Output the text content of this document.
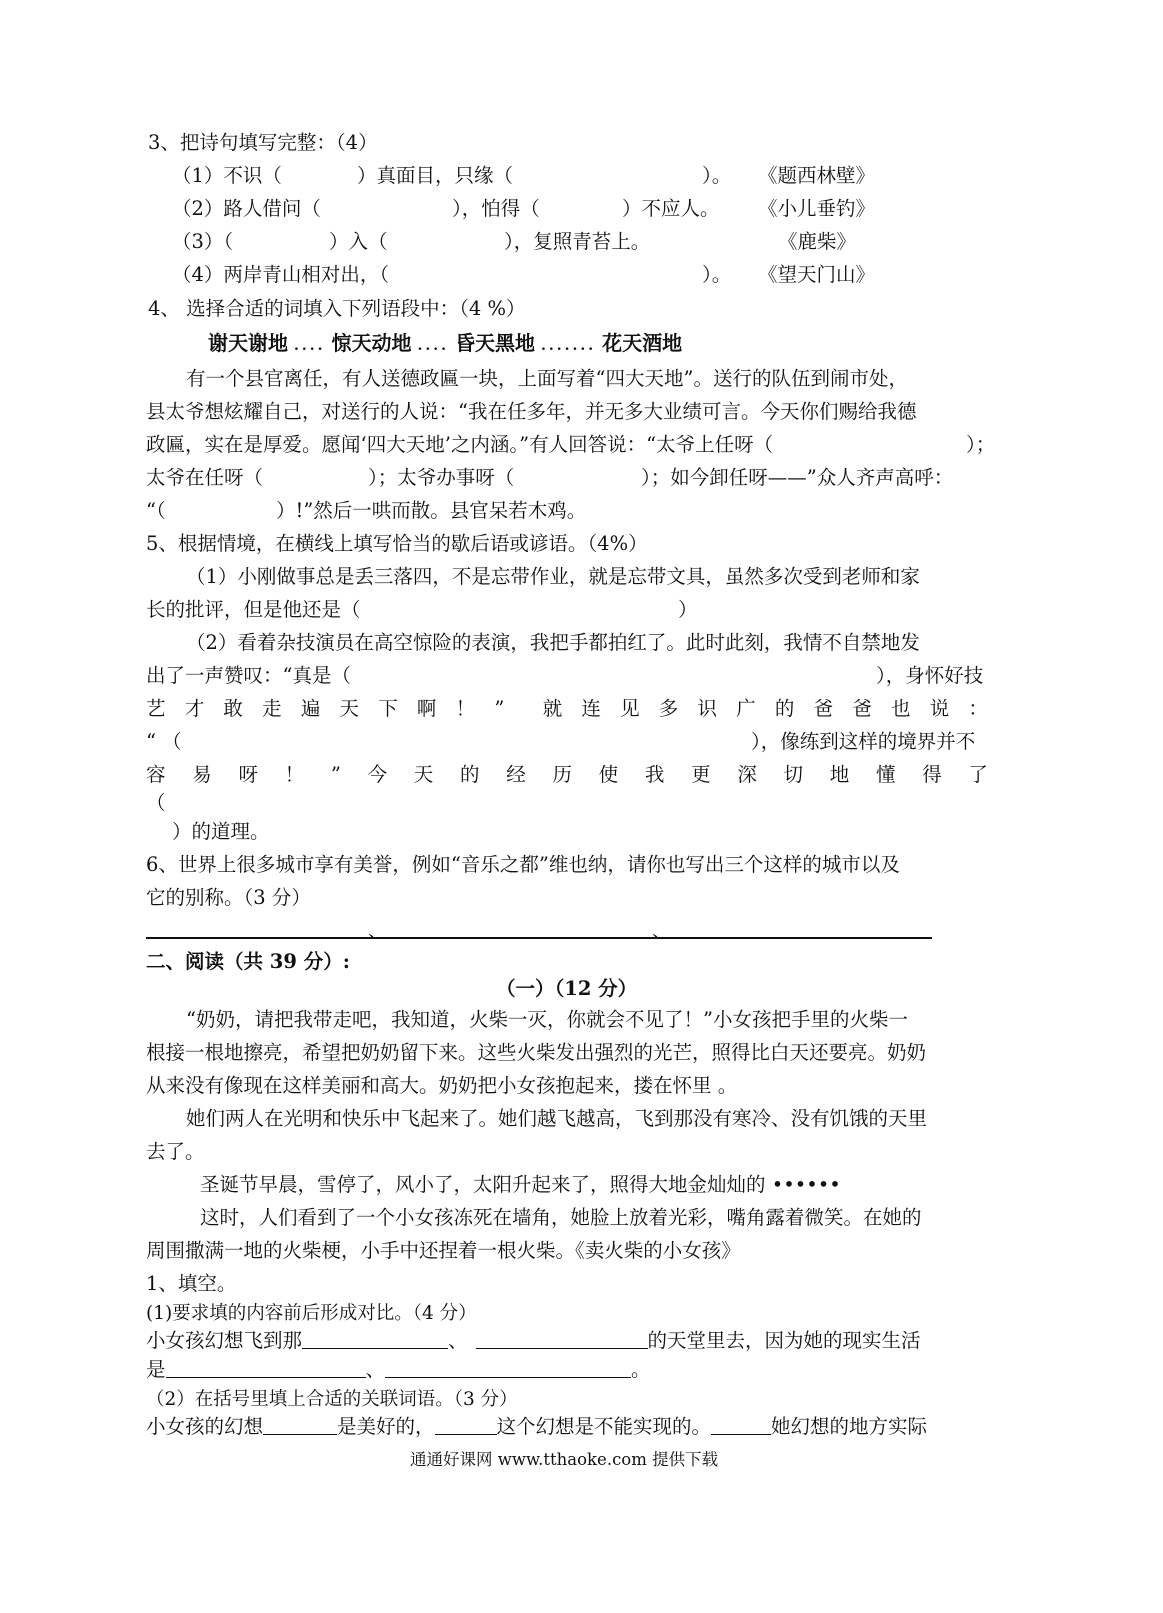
3、把诗句填写完整：（4）
（1）不识（	）真面目，只缘（	）。 《题西林壁》
（2）路人借问（	），怕得（	）不应人。 《小儿垂钓》
（3）（	）入（	），复照青苔上。	《鹿柴》
（4）两岸青山相对出，（	）。 《望天门山》
4、 选择合适的词填入下列语段中：（4 %）
谢天谢地 .... 惊天动地 .... 昏天黑地 ....... 花天酒地
有一个县官离任，有人送德政匾一块，上面写着“四大天地”。送行的队伍到闹市处，
县太爷想炫耀自己，对送行的人说：“我在任多年，并无多大业绩可言。今天你们赐给我德
政匾，实在是厚爱。愿闻‘四大天地’之内涵。”有人回答说：“太爷上任呀（	）；
太爷在任呀（	）；太爷办事呀（	）；如今卸任呀——”众人齐声高呼：
“（	）!”然后一哄而散。县官呆若木鸡。
5、根据情境，在横线上填写恰当的歇后语或谚语。（4%）
（1）小刚做事总是丢三落四，不是忘带作业，就是忘带文具，虽然多次受到老师和家
长的批评，但是他还是（	）
（2）看着杂技演员在高空惊险的表演，我把手都拍红了。此时此刻，我情不自禁地发
出了一声赞叹：“真是（	），身怀好技
艺 才 敢 走 遍 天 下 啊 ！ ” 就 连 见 多 识 广 的 爸 爸 也 说 ：
“ （	），像练到这样的境界并不
容 易 呀 ！ ” 今 天 的 经 历 使 我 更 深 切 地 懂 得 了
（
）的道理。
6、世界上很多城市享有美誉，例如“音乐之都”维也纳，请你也写出三个这样的城市以及
它的别称。（3 分）
、	、
二、阅读（共 39 分）:
（一）（12 分）
“奶奶，请把我带走吧，我知道，火柴一灭，你就会不见了！”小女孩把手里的火柴一
根接一根地擦亮，希望把奶奶留下来。这些火柴发出强烈的光芒，照得比白天还要亮。奶奶
从来没有像现在这样美丽和高大。奶奶把小女孩抱起来，搂在怀里 。
她们两人在光明和快乐中飞起来了。她们越飞越高，飞到那没有寒冷、没有饥饿的天里
去了。
圣诞节早晨，雪停了，风小了，太阳升起来了，照得大地金灿灿的 ••••••
这时，人们看到了一个小女孩冻死在墙角，她脸上放着光彩，嘴角露着微笑。在她的
周围撒满一地的火柴梗，小手中还捏着一根火柴。《卖火柴的小女孩》
1、填空。
(1)要求填的内容前后形成对比。（4 分）
小女孩幻想飞到那	、	的天堂里去，因为她的现实生活
是	、	。
（2）在括号里填上合适的关联词语。（3 分）
小女孩的幻想	是美好的，	这个幻想是不能实现的。	她幻想的地方实际
通通好课网 www.tthaoke.com 提供下载
